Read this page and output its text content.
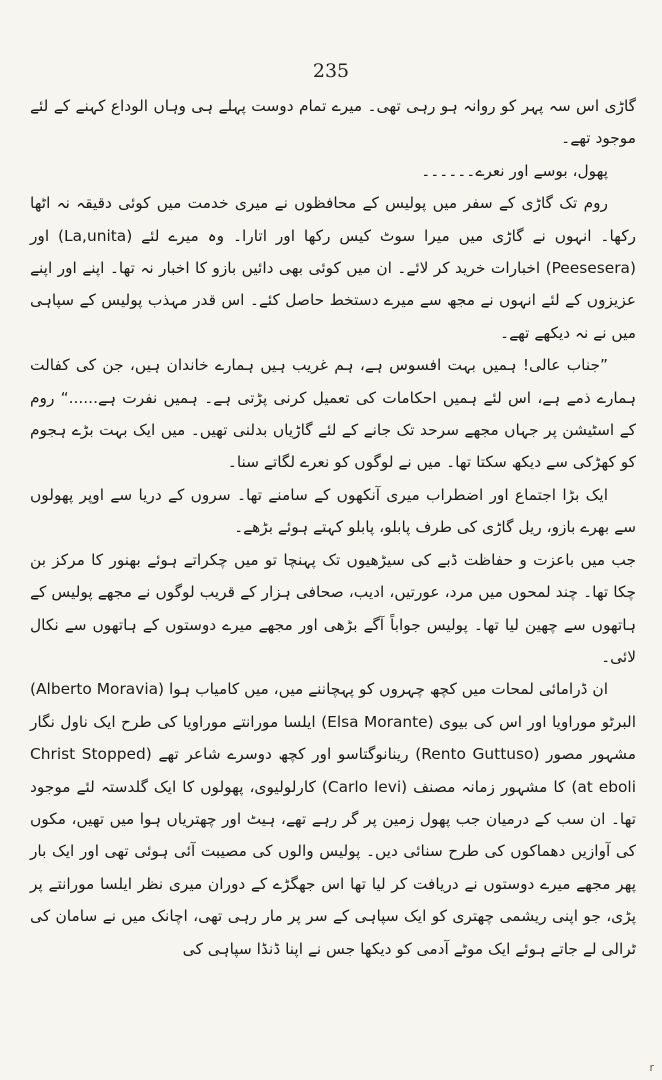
235

گاڑی اس سہ پہر کو روانہ ہو رہی تھی۔ میرے تمام دوست پہلے ہی وہاں الوداع کہنے کے لئے موجود تھے۔

پھول، بوسے اور نعرے۔۔۔۔۔۔

روم تک گاڑی کے سفر میں پولیس کے محافظوں نے میری خدمت میں کوئی دقیقہ نہ اٹھا رکھا۔ انہوں نے گاڑی میں میرا سوٹ کیس رکھا اور اتارا۔ وہ میرے لئے (La,unita) اور (Peesesera) اخبارات خرید کر لائے۔ ان میں کوئی بھی دائیں بازو کا اخبار نہ تھا۔ اپنے اور اپنے عزیزوں کے لئے انہوں نے مجھ سے میرے دستخط حاصل کئے۔ اس قدر مہذب پولیس کے سپاہی میں نے نہ دیکھے تھے۔

”جناب عالی! ہمیں بہت افسوس ہے، ہم غریب ہیں ہمارے خاندان ہیں، جن کی کفالت ہمارے ذمے ہے، اس لئے ہمیں احکامات کی تعمیل کرنی پڑتی ہے۔ ہمیں نفرت ہے......“ روم کے اسٹیشن پر جہاں مجھے سرحد تک جانے کے لئے گاڑیاں بدلنی تھیں۔ میں ایک بہت بڑے ہجوم کو کھڑکی سے دیکھ سکتا تھا۔ میں نے لوگوں کو نعرے لگاتے سنا۔

ایک بڑا اجتماع اور اضطراب میری آنکھوں کے سامنے تھا۔ سروں کے دریا سے اوپر پھولوں سے بھرے بازو، ریل گاڑی کی طرف پابلو، پابلو کہتے ہوئے بڑھے۔

جب میں باعزت و حفاظت ڈبے کی سیڑھیوں تک پہنچا تو میں چکراتے ہوئے بھنور کا مرکز بن چکا تھا۔ چند لمحوں میں مرد، عورتیں، ادیب، صحافی ہزار کے قریب لوگوں نے مجھے پولیس کے ہاتھوں سے چھین لیا تھا۔ پولیس جواباً آگے بڑھی اور مجھے میرے دوستوں کے ہاتھوں سے نکال لائی۔

ان ڈرامائی لمحات میں کچھ چہروں کو پہچاننے میں، میں کامیاب ہوا (Alberto Moravia) البرٹو موراویا اور اس کی بیوی (Elsa Morante) ایلسا مورانتے موراویا کی طرح ایک ناول نگار مشہور مصور (Rento Guttuso) رینانوگتاسو اور کچھ دوسرے شاعر تھے (Christ Stopped at eboli) کا مشہور زمانہ مصنف (Carlo levi) کارلولیوی، پھولوں کا ایک گلدستہ لئے موجود تھا۔ ان سب کے درمیان جب پھول زمین پر گر رہے تھے، ہیٹ اور چھتریاں ہوا میں تھیں، مکوں کی آوازیں دھماکوں کی طرح سنائی دیں۔ پولیس والوں کی مصیبت آئی ہوئی تھی اور ایک بار پھر مجھے میرے دوستوں نے دریافت کر لیا تھا اس جھگڑے کے دوران میری نظر ایلسا مورانتے پر پڑی، جو اپنی ریشمی چھتری کو ایک سپاہی کے سر پر مار رہی تھی، اچانک میں نے سامان کی ٹرالی لے جاتے ہوئے ایک موٹے آدمی کو دیکھا جس نے اپنا ڈنڈا سپاہی کی

r
